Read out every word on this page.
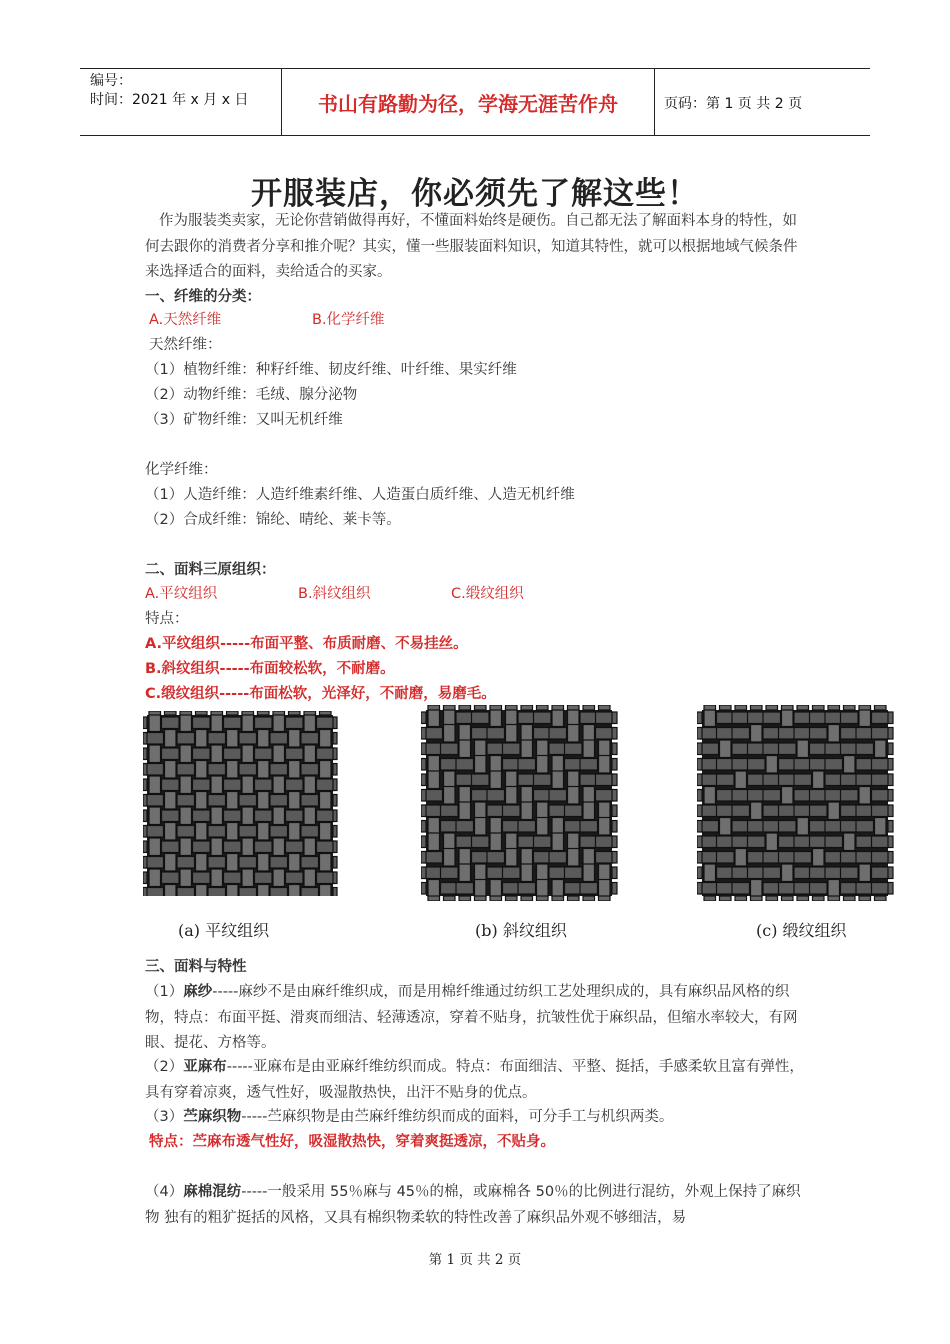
编号：
时间：2021 年 x 月 x 日	书山有路勤为径，学海无涯苦作舟	页码：第 1 页 共 2 页
开服装店，你必须先了解这些！
作为服装类卖家，无论你营销做得再好，不懂面料始终是硬伤。自己都无法了解面料本身的特性，如何去跟你的消费者分享和推介呢？其实，懂一些服装面料知识，知道其特性，就可以根据地域气候条件来选择适合的面料，卖给适合的买家。
一、纤维的分类：
A.天然纤维	B.化学纤维
天然纤维：
（1）植物纤维：种籽纤维、韧皮纤维、叶纤维、果实纤维
（2）动物纤维：毛绒、腺分泌物
（3）矿物纤维：又叫无机纤维
化学纤维：
（1）人造纤维：人造纤维素纤维、人造蛋白质纤维、人造无机纤维
（2）合成纤维：锦纶、晴纶、莱卡等。
二、面料三原组织：
A.平纹组织	B.斜纹组织	C.缎纹组织
特点：
A.平纹组织-----布面平整、布质耐磨、不易挂丝。
B.斜纹组织-----布面较松软，不耐磨。
C.缎纹组织-----布面松软，光泽好，不耐磨，易磨毛。
(a) 平纹组织	(b) 斜纹组织	(c) 缎纹组织
三、面料与特性
（1）麻纱-----麻纱不是由麻纤维织成，而是用棉纤维通过纺织工艺处理织成的，具有麻织品风格的织物，特点：布面平挺、滑爽而细洁、轻薄透凉，穿着不贴身，抗皱性优于麻织品，但缩水率较大，有网眼、提花、方格等。
（2）亚麻布-----亚麻布是由亚麻纤维纺织而成。特点：布面细洁、平整、挺括，手感柔软且富有弹性，具有穿着凉爽，透气性好，吸湿散热快，出汗不贴身的优点。
（3）苎麻织物-----苎麻织物是由苎麻纤维纺织而成的面料，可分手工与机织两类。
特点：苎麻布透气性好，吸湿散热快，穿着爽挺透凉，不贴身。
（4）麻棉混纺-----一般采用 55％麻与 45％的棉，或麻棉各 50％的比例进行混纺，外观上保持了麻织物 独有的粗犷挺括的风格，又具有棉织物柔软的特性改善了麻织品外观不够细洁，易
第 1 页 共 2 页
